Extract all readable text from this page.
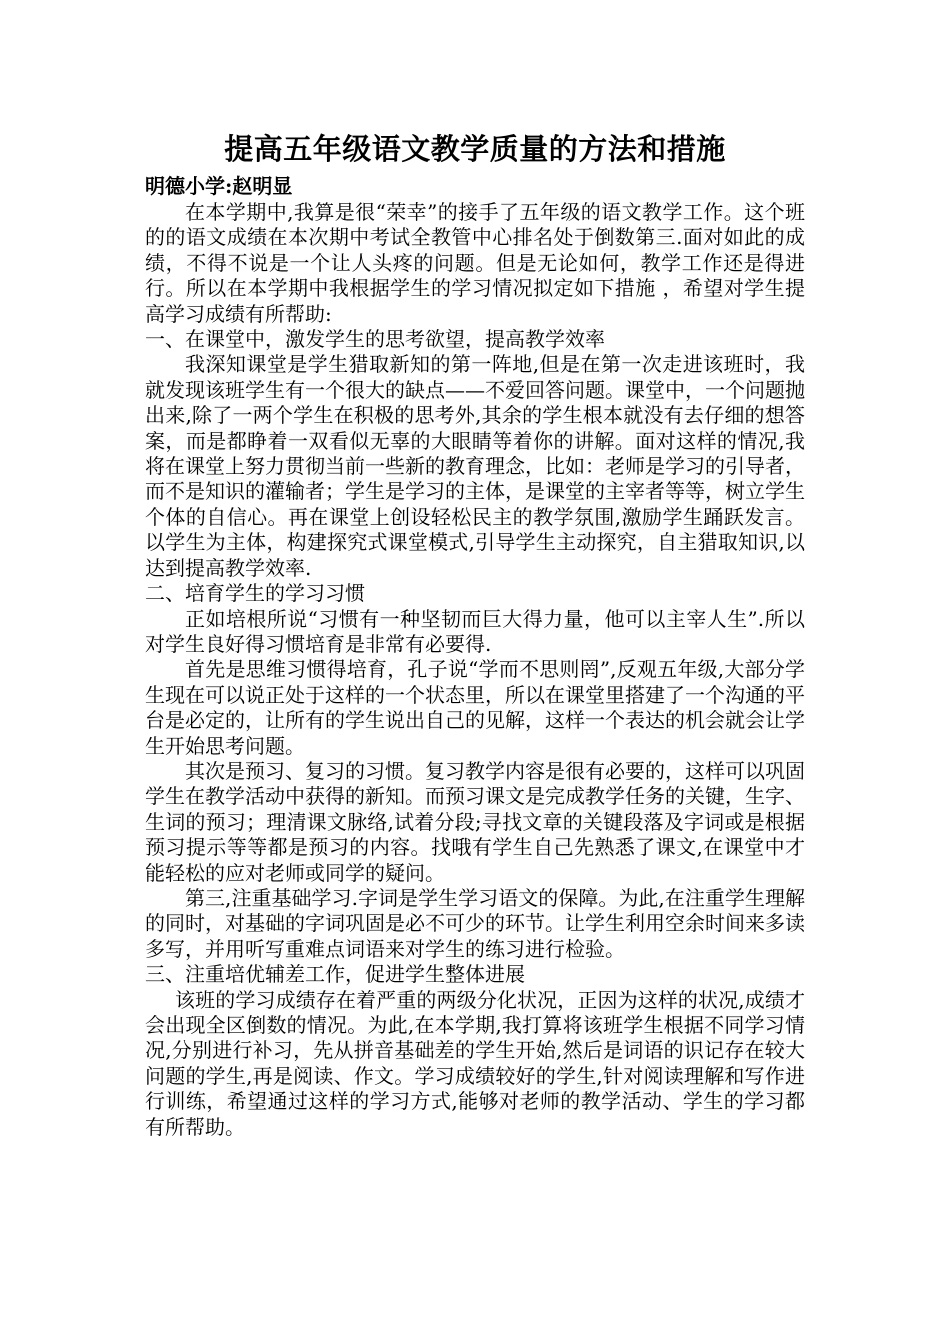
提高五年级语文教学质量的方法和措施
明德小学:赵明显

在本学期中,我算是很“荣幸”的接手了五年级的语文教学工作。这个班的的语文成绩在本次期中考试全教管中心排名处于倒数第三.面对如此的成绩，不得不说是一个让人头疼的问题。但是无论如何，教学工作还是得进行。所以在本学期中我根据学生的学习情况拟定如下措施 ，希望对学生提高学习成绩有所帮助:

一、在课堂中，激发学生的思考欲望，提高教学效率

我深知课堂是学生猎取新知的第一阵地,但是在第一次走进该班时，我就发现该班学生有一个很大的缺点——不爱回答问题。课堂中，一个问题抛出来,除了一两个学生在积极的思考外,其余的学生根本就没有去仔细的想答案，而是都睁着一双看似无辜的大眼睛等着你的讲解。面对这样的情况,我将在课堂上努力贯彻当前一些新的教育理念，比如：老师是学习的引导者，而不是知识的灌输者；学生是学习的主体，是课堂的主宰者等等，树立学生个体的自信心。再在课堂上创设轻松民主的教学氛围,激励学生踊跃发言。以学生为主体，构建探究式课堂模式,引导学生主动探究，自主猎取知识,以达到提高教学效率.

二、培育学生的学习习惯

正如培根所说“习惯有一种坚韧而巨大得力量，他可以主宰人生”.所以对学生良好得习惯培育是非常有必要得.

首先是思维习惯得培育，孔子说“学而不思则罔”,反观五年级,大部分学生现在可以说正处于这样的一个状态里，所以在课堂里搭建了一个沟通的平台是必定的，让所有的学生说出自己的见解，这样一个表达的机会就会让学生开始思考问题。

其次是预习、复习的习惯。复习教学内容是很有必要的，这样可以巩固学生在教学活动中获得的新知。而预习课文是完成教学任务的关键，生字、生词的预习；理清课文脉络,试着分段;寻找文章的关键段落及字词或是根据预习提示等等都是预习的内容。找哦有学生自己先熟悉了课文,在课堂中才能轻松的应对老师或同学的疑问。

第三,注重基础学习.字词是学生学习语文的保障。为此,在注重学生理解的同时，对基础的字词巩固是必不可少的环节。让学生利用空余时间来多读多写，并用听写重难点词语来对学生的练习进行检验。

三、注重培优辅差工作，促进学生整体进展

该班的学习成绩存在着严重的两级分化状况，正因为这样的状况,成绩才会出现全区倒数的情况。为此,在本学期,我打算将该班学生根据不同学习情况,分别进行补习，先从拼音基础差的学生开始,然后是词语的识记存在较大问题的学生,再是阅读、作文。学习成绩较好的学生,针对阅读理解和写作进行训练，希望通过这样的学习方式,能够对老师的教学活动、学生的学习都有所帮助。
